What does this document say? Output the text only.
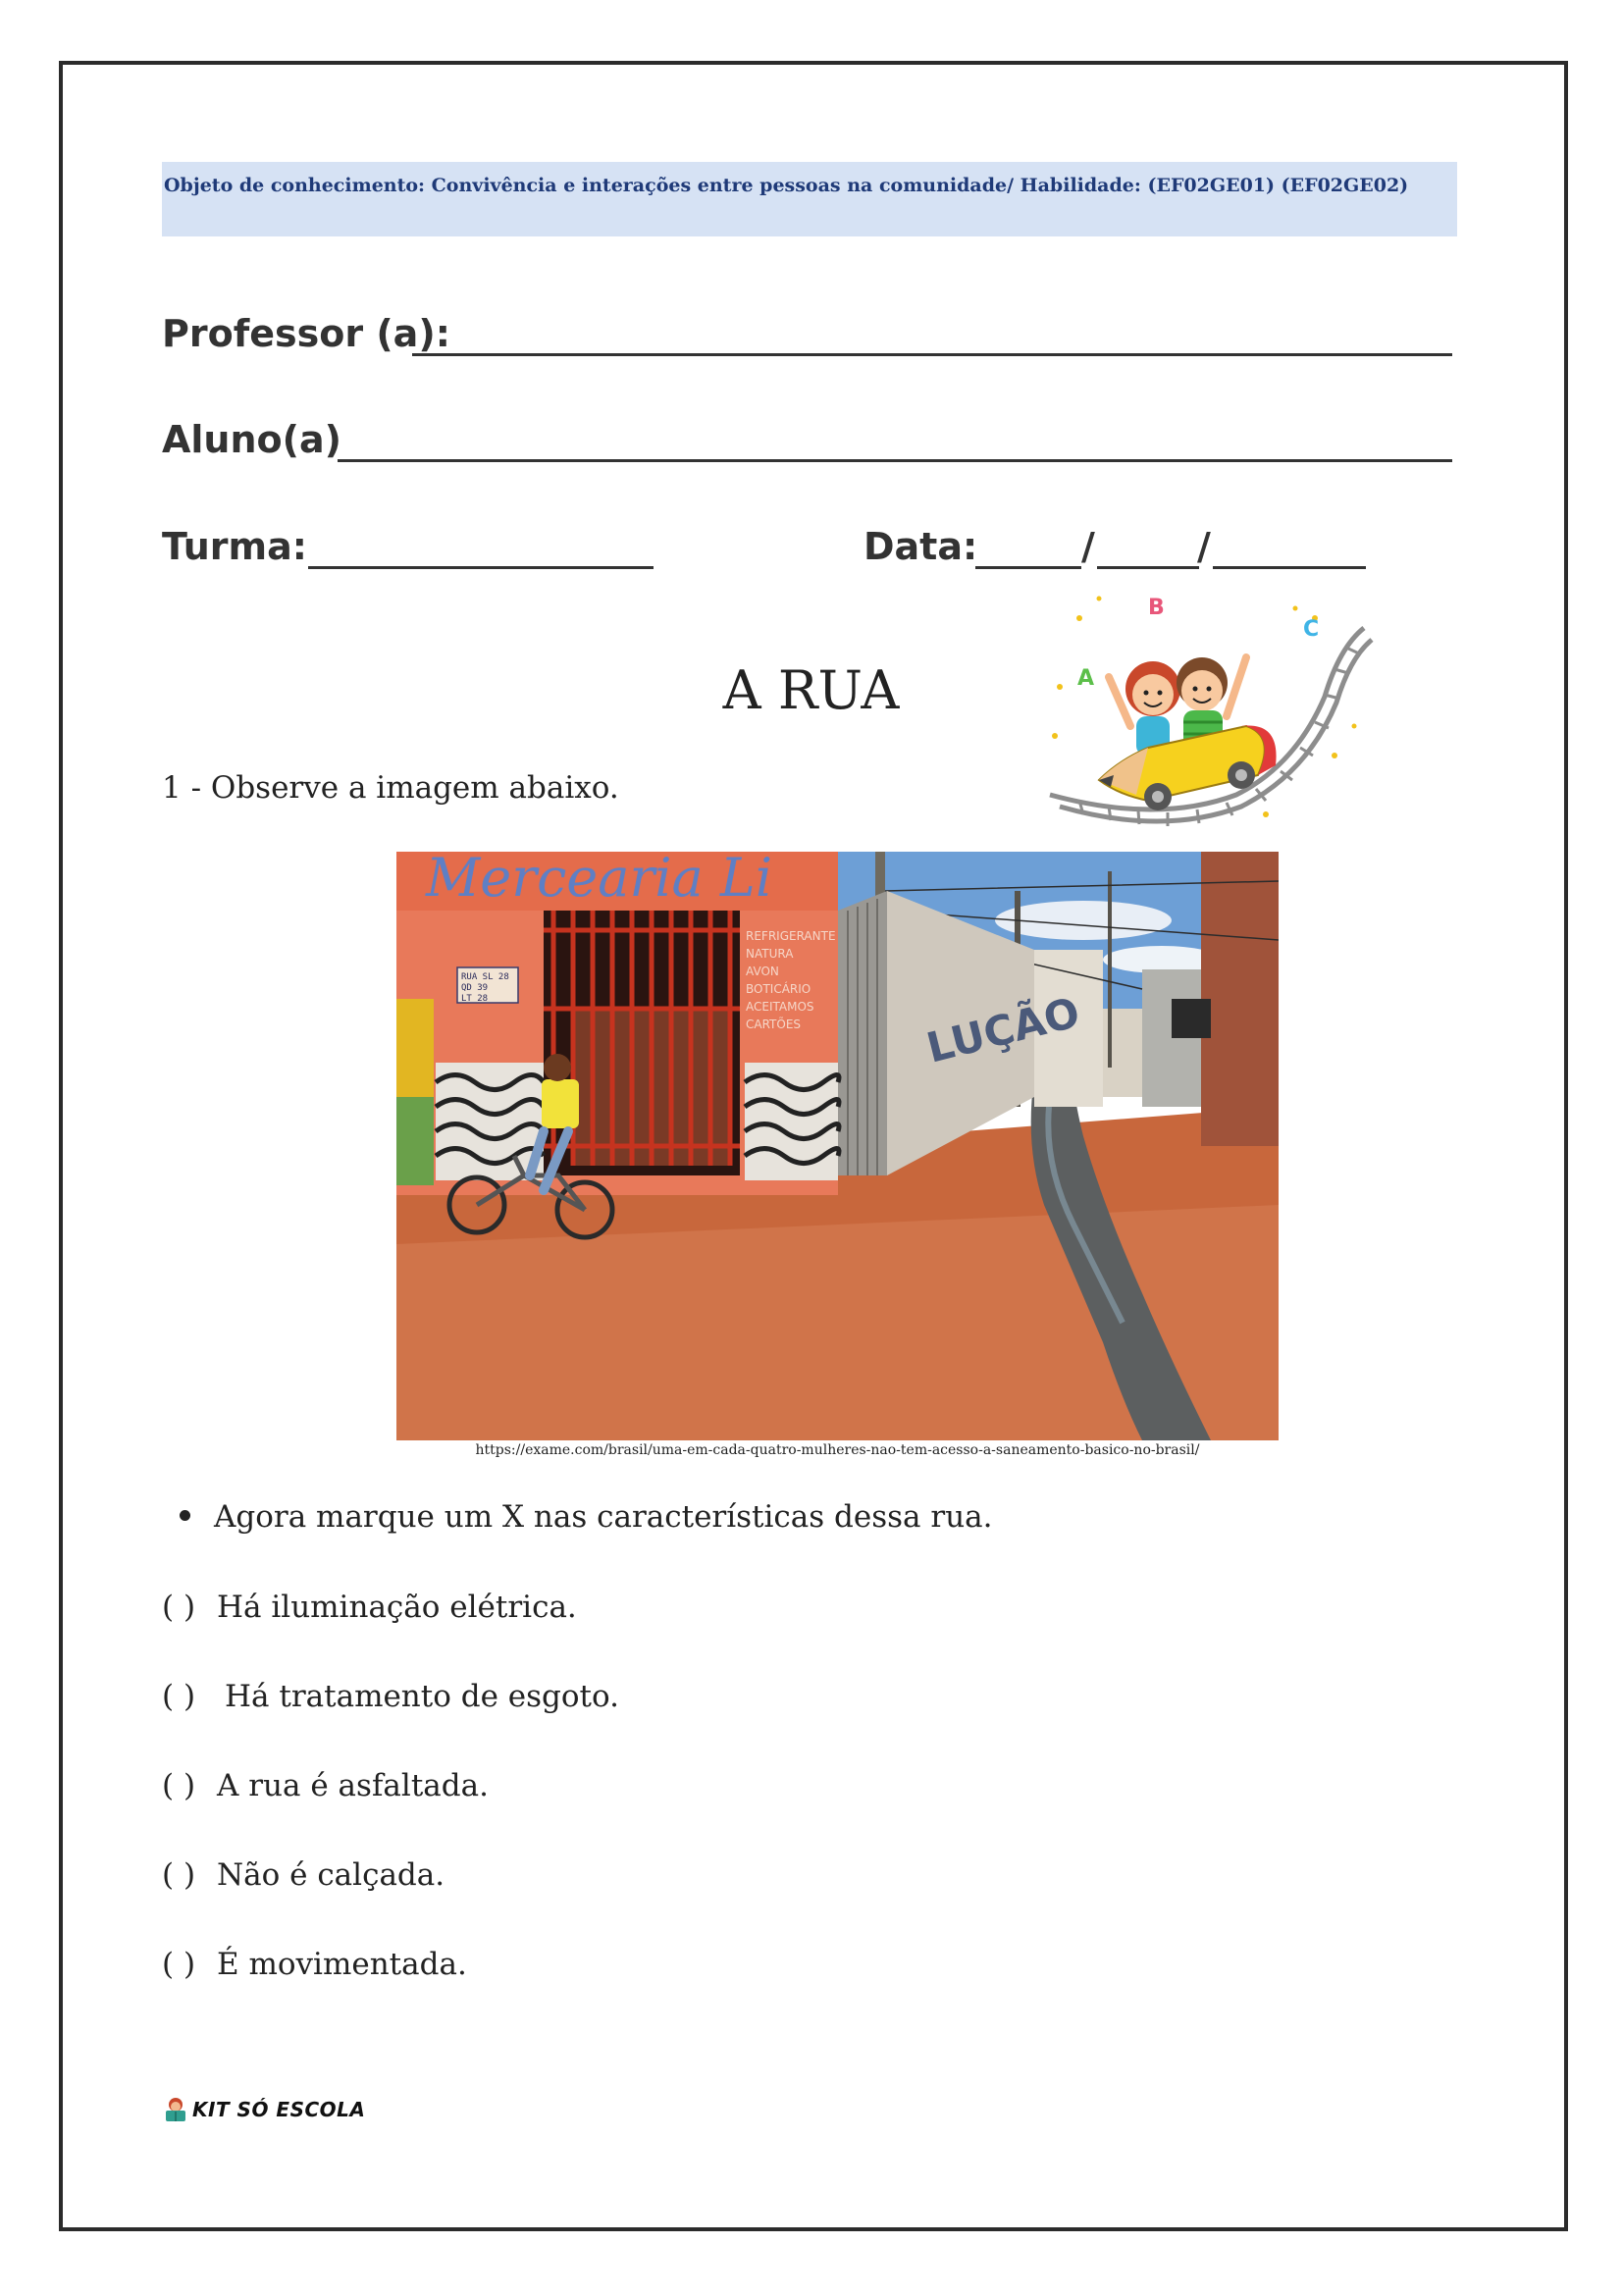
Objeto de conhecimento: Convivência e interações entre pessoas na comunidade/ Habilidade: (EF02GE01) (EF02GE02)
Professor (a):
Aluno(a)
Turma:	Data:	/	/
A
B
C
A RUA
1 - Observe a imagem abaixo.
LUÇÃO
Mercearia Li
RUA SL 28
QD 39
LT 28
REFRIGERANTE
NATURA
AVON
BOTICÁRIO
ACEITAMOS
CARTÕES
https://exame.com/brasil/uma-em-cada-quatro-mulheres-nao-tem-acesso-a-saneamento-basico-no-brasil/
Agora marque um X nas características dessa rua.
( ) Há iluminação elétrica.
( ) Há tratamento de esgoto.
( ) A rua é asfaltada.
( ) Não é calçada.
( ) É movimentada.
KIT SÓ ESCOLA
